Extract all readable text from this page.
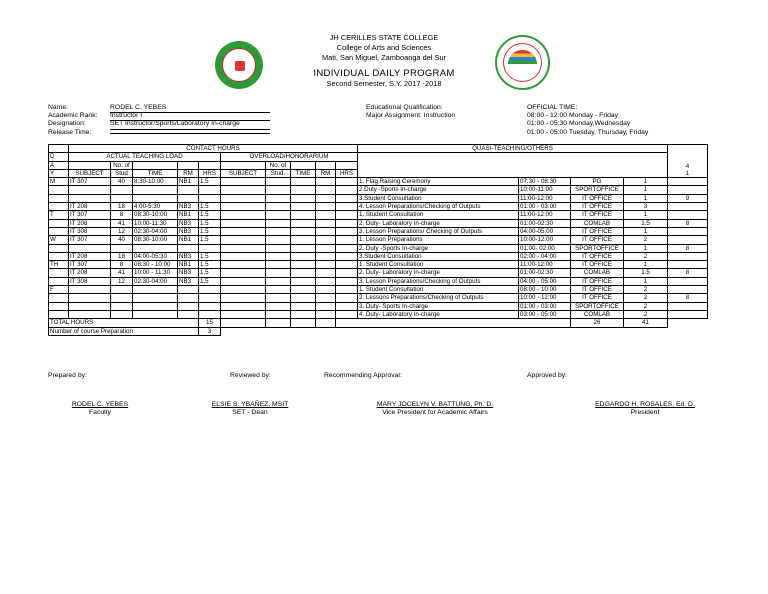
JH CERILLES STATE COLLEGE
College of Arts and Sciences
Mati, San Miguel, Zamboanga del Sur
INDIVIDUAL DAILY PROGRAM
Second Semester, S.Y. 2017 -2018
Name:	RODEL C. YEBES
Academic Rank: Instructor I
Designation:	SET Instructor/Sports/Laboratory In-charge
Release Time:
Educational Qualification:
Major Assignment: Instruction
OFFICIAL TIME:
08:00 - 12:00 Monday - Friday
01:00 - 05:30 Monday,Wednesday
01:00 - 05:00 Tuesday, Thursday, Friday
	CONTACT HOURS										QUASI-TEACHING/OTHERS				4
1

D	ACTUAL TEACHING LOAD					OVERLOAD/HONORARIUM									
A		No. of					No. of								
Y	SUBJECT	Stud	TIME	RM	HRS	SUBJECT	Stud.	TIME	RM	HRS					
M	IT 307	40	8:30-10:00	NB1	1.5						1. Flag Raising Ceremony	07:30 - 08:30	PG	1	
											2.Duty -Sports In-charge	10:00-11:00	SPORTOFFICE	1	
											3.Student Consultation	11:00-12:00	IT OFFICE	1	9
	IT 208	18	4:00-5:30	NB3	1.5						4. Lesson Preparations/Checking of Outputs	01:00 - 03:00	IT OFFICE	3	
T	IT 307	8	08:30-10:00	NB1	1.5						1. Student Consultation	11:00-12:00	IT OFFICE	1	
	IT 208	41	10:00-11:30	NB3	1.5						2. Duty- Laboratory In-charge	01:00-02:30	COMLAB	1.5	8
	IT 308	12	02:30-04:00	NB3	1.5						3. Lesson Preparations/ Checking of Outputs	04:00-05:00	IT OFFICE	1	
W	IT 307	40	08:30-10:00	NB1	1.5						1. Lesson Preparations	10:00-12:00	IT OFFICE	2	
											2. Duty -Sports In-charge	01:00- 02:00	SPORTOFFICE	1	8
	IT 208	18	04:00-05:30	NB3	1.5						3.Student Consultation	02:00 - 04:00	IT OFFICE	2	
TH	IT 307	8	08:30 - 10:00	NB1	1.5						1. Student Consultation	11:00-12:00	IT OFFICE	1	
	IT 208	41	10:00 - 11:30	NB3	1.5						2. Duty- Laboratory In-charge	01:00-02:30	COMLAB	1.5	8
	IT 308	12	02:30-04:00	NB3	1.5						3. Lesson Preparations/Checking of Outputs	04:00 - 05:00	IT OFFICE	1	
F											1. Student Consultation	08:00 - 10:00	IT OFFICE	2	
											2. Lessons Preparations/Checking of Outputs	10:00 - 12:00	IT OFFICE	2	8
											3. Duty- Sports In-charge	01:00 - 03:00	SPORTOFFICE	2	
											4. Duty- Laboratory In-charge	03:00 - 05:00	COMLAB	2	
TOTAL HOURS					15								26	41	
Number of course Preparation					3										
Prepared by:	Reviewed by:	Recommending Approval:	Approved by:
RODEL C. YEBES
Faculty
ELSIE S. YBAÑEZ, MSIT
SET - Dean
MARY JOCELYN V. BATTUNG, Ph. D.
Vice President for Academic Affairs
EDGARDO H. ROSALES, Ed. D.
President
